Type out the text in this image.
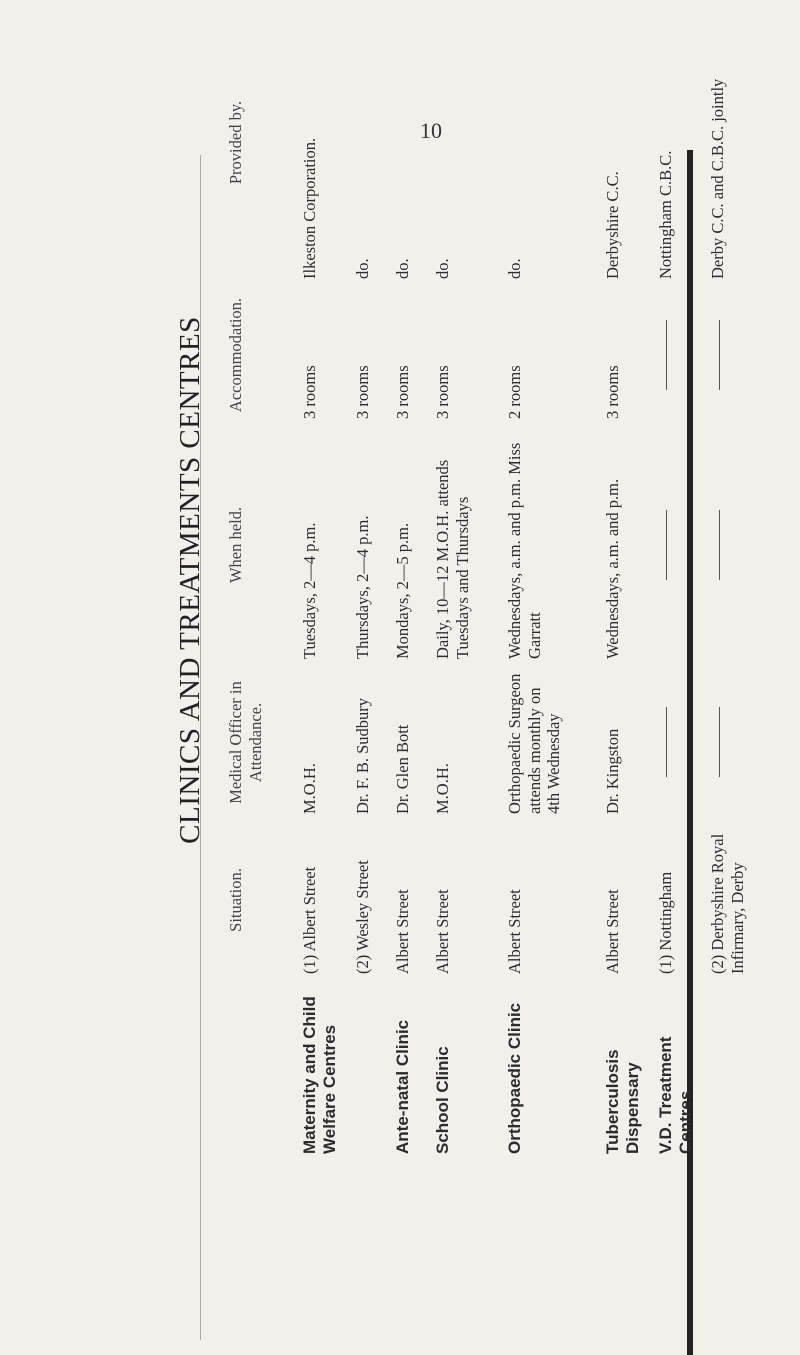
10
CLINICS AND TREATMENTS CENTRES
	Situation.	Medical Officer in Attendance.	When held.	Accommodation.	Provided by.
Maternity and Child Welfare Centres	(1) Albert Street	M.O.H.	Tuesdays, 2—4 p.m.	3 rooms	Ilkeston Corporation.
	(2) Wesley Street	Dr. F. B. Sudbury	Thursdays, 2—4 p.m.	3 rooms	do.
Ante-natal Clinic	Albert Street	Dr. Glen Bott	Mondays, 2—5 p.m.	3 rooms	do.
School Clinic	Albert Street	M.O.H.	Daily, 10—12 M.O.H. attends Tuesdays and Thursdays	3 rooms	do.
Orthopaedic Clinic	Albert Street	Orthopaedic Surgeon attends monthly on 4th Wednesday	Wednesdays, a.m. and p.m. Miss Garratt	2 rooms	do.
Tuberculosis Dispensary	Albert Street	Dr. Kingston	Wednesdays, a.m. and p.m.	3 rooms	Derbyshire C.C.
V.D. Treatment Centres	(1) Nottingham				Nottingham C.B.C.
	(2) Derbyshire Royal Infirmary, Derby				Derby C.C. and C.B.C. jointly
